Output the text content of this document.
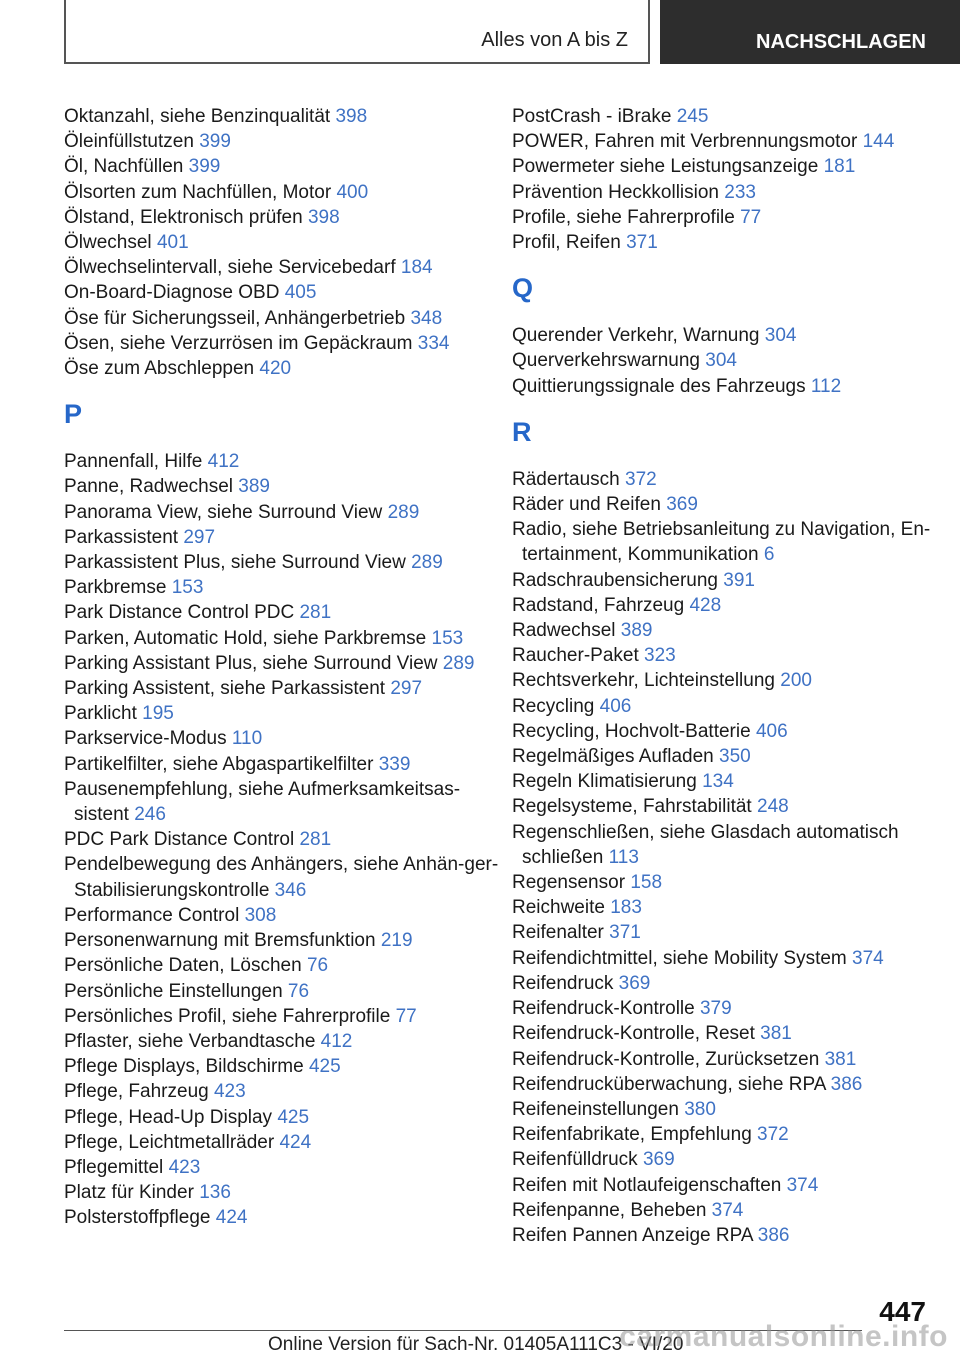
Alles von A bis Z	NACHSCHLAGEN
Oktanzahl, siehe Benzinqualität 398
Öleinfüllstutzen 399
Öl, Nachfüllen 399
Ölsorten zum Nachfüllen, Motor 400
Ölstand, Elektronisch prüfen 398
Ölwechsel 401
Ölwechselintervall, siehe Servicebedarf 184
On-Board-Diagnose OBD 405
Öse für Sicherungsseil, Anhängerbetrieb 348
Ösen, siehe Verzurrösen im Gepäckraum 334
Öse zum Abschleppen 420
P
Pannenfall, Hilfe 412
Panne, Radwechsel 389
Panorama View, siehe Surround View 289
Parkassistent 297
Parkassistent Plus, siehe Surround View 289
Parkbremse 153
Park Distance Control PDC 281
Parken, Automatic Hold, siehe Parkbremse 153
Parking Assistant Plus, siehe Surround View 289
Parking Assistent, siehe Parkassistent 297
Parklicht 195
Parkservice-Modus 110
Partikelfilter, siehe Abgaspartikelfilter 339
Pausenempfehlung, siehe Aufmerksamkeitsas-sistent 246
PDC Park Distance Control 281
Pendelbewegung des Anhängers, siehe Anhän-ger-Stabilisierungskontrolle 346
Performance Control 308
Personenwarnung mit Bremsfunktion 219
Persönliche Daten, Löschen 76
Persönliche Einstellungen 76
Persönliches Profil, siehe Fahrerprofile 77
Pflaster, siehe Verbandtasche 412
Pflege Displays, Bildschirme 425
Pflege, Fahrzeug 423
Pflege, Head-Up Display 425
Pflege, Leichtmetallräder 424
Pflegemittel 423
Platz für Kinder 136
Polsterstoffpflege 424
PostCrash - iBrake 245
POWER, Fahren mit Verbrennungsmotor 144
Powermeter siehe Leistungsanzeige 181
Prävention Heckkollision 233
Profile, siehe Fahrerprofile 77
Profil, Reifen 371
Q
Querender Verkehr, Warnung 304
Querverkehrswarnung 304
Quittierungssignale des Fahrzeugs 112
R
Rädertausch 372
Räder und Reifen 369
Radio, siehe Betriebsanleitung zu Navigation, En-tertainment, Kommunikation 6
Radschraubensicherung 391
Radstand, Fahrzeug 428
Radwechsel 389
Raucher-Paket 323
Rechtsverkehr, Lichteinstellung 200
Recycling 406
Recycling, Hochvolt-Batterie 406
Regelmäßiges Aufladen 350
Regeln Klimatisierung 134
Regelsysteme, Fahrstabilität 248
Regenschließen, siehe Glasdach automatisch schließen 113
Regensensor 158
Reichweite 183
Reifenalter 371
Reifendichtmittel, siehe Mobility System 374
Reifendruck 369
Reifendruck-Kontrolle 379
Reifendruck-Kontrolle, Reset 381
Reifendruck-Kontrolle, Zurücksetzen 381
Reifendrucküberwachung, siehe RPA 386
Reifeneinstellungen 380
Reifenfabrikate, Empfehlung 372
Reifenfülldruck 369
Reifen mit Notlaufeigenschaften 374
Reifenpanne, Beheben 374
Reifen Pannen Anzeige RPA 386
447
Online Version für Sach-Nr. 01405A111C3 - VI/20
carmanualsonline.info
